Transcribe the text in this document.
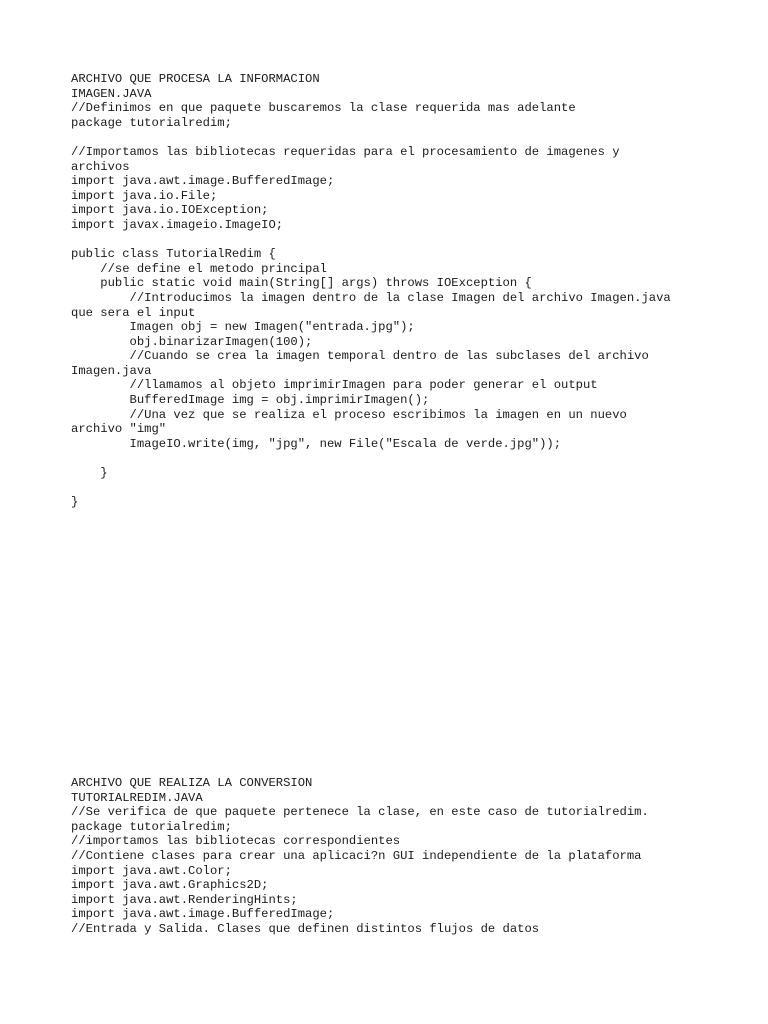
ARCHIVO QUE PROCESA LA INFORMACION
IMAGEN.JAVA
//Definimos en que paquete buscaremos la clase requerida mas adelante
package tutorialredim;
//Importamos las bibliotecas requeridas para el procesamiento de imagenes y
archivos
import java.awt.image.BufferedImage;
import java.io.File;
import java.io.IOException;
import javax.imageio.ImageIO;
public class TutorialRedim {
//se define el metodo principal
public static void main(String[] args) throws IOException {
//Introducimos la imagen dentro de la clase Imagen del archivo Imagen.java
que sera el input
Imagen obj = new Imagen("entrada.jpg");
obj.binarizarImagen(100);
//Cuando se crea la imagen temporal dentro de las subclases del archivo
Imagen.java
//llamamos al objeto imprimirImagen para poder generar el output
BufferedImage img = obj.imprimirImagen();
//Una vez que se realiza el proceso escribimos la imagen en un nuevo
archivo "img"
ImageIO.write(img, "jpg", new File("Escala de verde.jpg"));
}
}
ARCHIVO QUE REALIZA LA CONVERSION
TUTORIALREDIM.JAVA
//Se verifica de que paquete pertenece la clase, en este caso de tutorialredim.
package tutorialredim;
//importamos las bibliotecas correspondientes
//Contiene clases para crear una aplicaci?n GUI independiente de la plataforma
import java.awt.Color;
import java.awt.Graphics2D;
import java.awt.RenderingHints;
import java.awt.image.BufferedImage;
//Entrada y Salida. Clases que definen distintos flujos de datos
